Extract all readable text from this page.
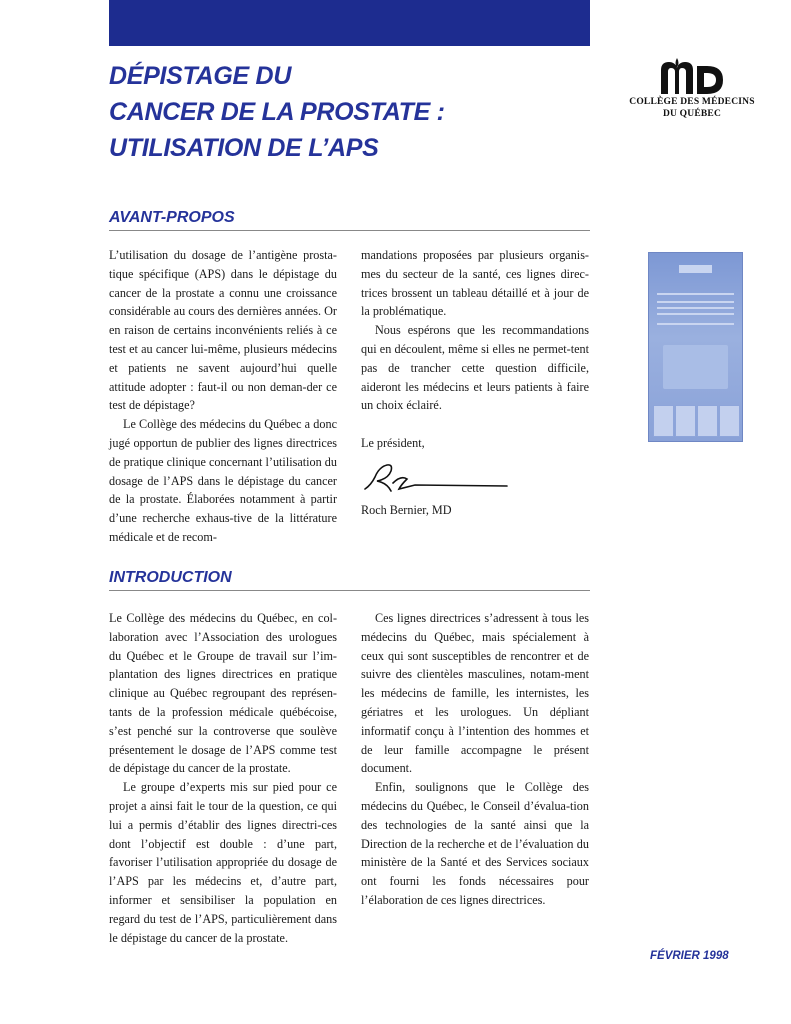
DÉPISTAGE DU
CANCER DE LA PROSTATE :
UTILISATION DE L’APS
COLLÈGE DES MÉDECINS
DU QUÉBEC
AVANT-PROPOS

L’utilisation du dosage de l’antigène prosta-tique spécifique (APS) dans le dépistage du cancer de la prostate a connu une croissance considérable au cours des dernières années. Or en raison de certains inconvénients reliés à ce test et au cancer lui-même, plusieurs médecins et patients ne savent aujourd’hui quelle attitude adopter : faut-il ou non deman-der ce test de dépistage?

Le Collège des médecins du Québec a donc jugé opportun de publier des lignes directrices de pratique clinique concernant l’utilisation du dosage de l’APS dans le dépistage du cancer de la prostate. Élaborées notamment à partir d’une recherche exhaus-tive de la littérature médicale et de recom-

mandations proposées par plusieurs organis-mes du secteur de la santé, ces lignes direc-trices brossent un tableau détaillé et à jour de la problématique.

Nous espérons que les recommandations qui en découlent, même si elles ne permet-tent pas de trancher cette question difficile, aideront les médecins et leurs patients à faire un choix éclairé.

Le président,

Roch Bernier, MD

INTRODUCTION

Le Collège des médecins du Québec, en col-laboration avec l’Association des urologues du Québec et le Groupe de travail sur l’im-plantation des lignes directrices en pratique clinique au Québec regroupant des représen-tants de la profession médicale québécoise, s’est penché sur la controverse que soulève présentement le dosage de l’APS comme test de dépistage du cancer de la prostate.

Le groupe d’experts mis sur pied pour ce projet a ainsi fait le tour de la question, ce qui lui a permis d’établir des lignes directri-ces dont l’objectif est double : d’une part, favoriser l’utilisation appropriée du dosage de l’APS par les médecins et, d’autre part, informer et sensibiliser la population en regard du test de l’APS, particulièrement dans le dépistage du cancer de la prostate.

Ces lignes directrices s’adressent à tous les médecins du Québec, mais spécialement à ceux qui sont susceptibles de rencontrer et de suivre des clientèles masculines, notam-ment les médecins de famille, les internistes, les gériatres et les urologues. Un dépliant informatif conçu à l’intention des hommes et de leur famille accompagne le présent document.

Enfin, soulignons que le Collège des médecins du Québec, le Conseil d’évalua-tion des technologies de la santé ainsi que la Direction de la recherche et de l’évaluation du ministère de la Santé et des Services sociaux ont fourni les fonds nécessaires pour l’élaboration de ces lignes directrices.

FÉVRIER 1998
